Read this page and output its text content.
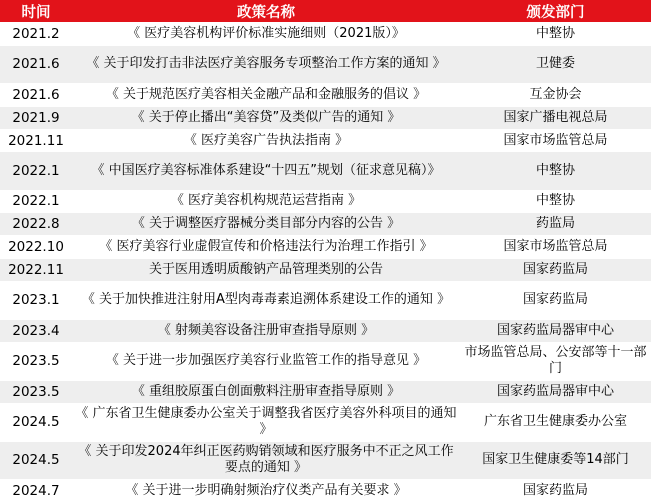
时间	政策名称	颁发部门
2021.2	《 医疗美容机构评价标准实施细则（2021版）》	中整协
2021.6	《 关于印发打击非法医疗美容服务专项整治工作方案的通知 》	卫健委
2021.6	《 关于规范医疗美容相关金融产品和金融服务的倡议 》	互金协会
2021.9	《 关于停止播出“美容贷”及类似广告的通知 》	国家广播电视总局
2021.11	《 医疗美容广告执法指南 》	国家市场监管总局
2022.1	《 中国医疗美容标准体系建设“十四五”规划（征求意见稿）》	中整协
2022.1	《 医疗美容机构规范运营指南 》	中整协
2022.8	《 关于调整医疗器械分类目部分内容的公告 》	药监局
2022.10	《 医疗美容行业虚假宣传和价格违法行为治理工作指引 》	国家市场监管总局
2022.11	关于医用透明质酸钠产品管理类别的公告	国家药监局
2023.1	《 关于加快推进注射用A型肉毒毒素追溯体系建设工作的通知 》	国家药监局
2023.4	《 射频美容设备注册审查指导原则 》	国家药监局器审中心
2023.5	《 关于进一步加强医疗美容行业监管工作的指导意见 》	市场监管总局、公安部等十一部门
2023.5	《 重组胶原蛋白创面敷料注册审查指导原则 》	国家药监局器审中心
2024.5	《 广东省卫生健康委办公室关于调整我省医疗美容外科项目的通知 》	广东省卫生健康委办公室
2024.5	《 关于印发2024年纠正医药购销领域和医疗服务中不正之风工作要点的通知 》	国家卫生健康委等14部门
2024.7	《 关于进一步明确射频治疗仪类产品有关要求 》	国家药监局
